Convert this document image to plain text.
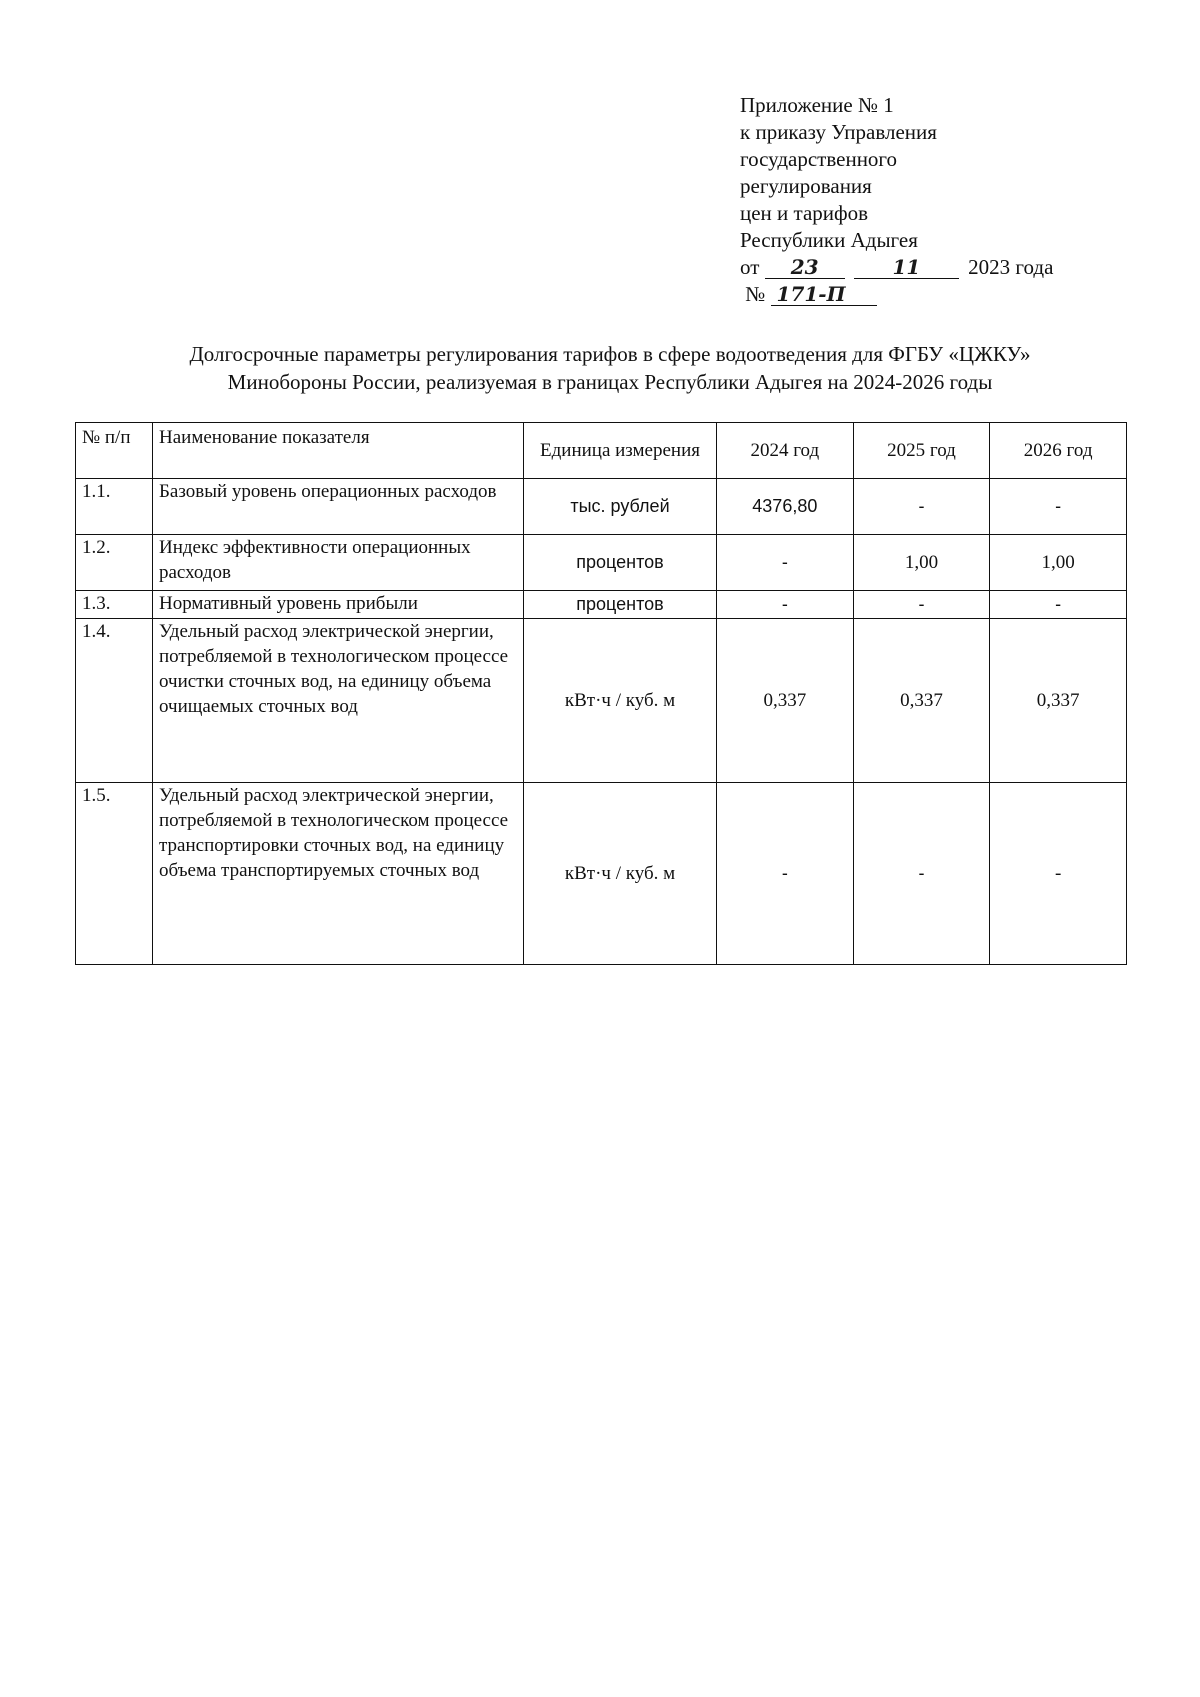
Приложение № 1
к приказу Управления
государственного
регулирования
цен и тарифов
Республики Адыгея
от 23	11 2023 года
№ 171-П
Долгосрочные параметры регулирования тарифов в сфере водоотведения для ФГБУ «ЦЖКУ»
Минобороны России, реализуемая в границах Республики Адыгея на 2024-2026 годы
№ п/п	Наименование показателя	Единица измерения	2024 год	2025 год	2026 год
1.1.	Базовый уровень операционных расходов	тыс. рублей	4376,80	-	-
1.2.	Индекс эффективности операционных расходов	процентов	-	1,00	1,00
1.3.	Нормативный уровень прибыли	процентов	-	-	-
1.4.	Удельный расход электрической энергии, потребляемой в технологическом процессе очистки сточных вод, на единицу объема очищаемых сточных вод	кВт·ч / куб. м	0,337	0,337	0,337
1.5.	Удельный расход электрической энергии, потребляемой в технологическом процессе транспортировки сточных вод, на единицу объема транспортируемых сточных вод	кВт·ч / куб. м	-	-	-
